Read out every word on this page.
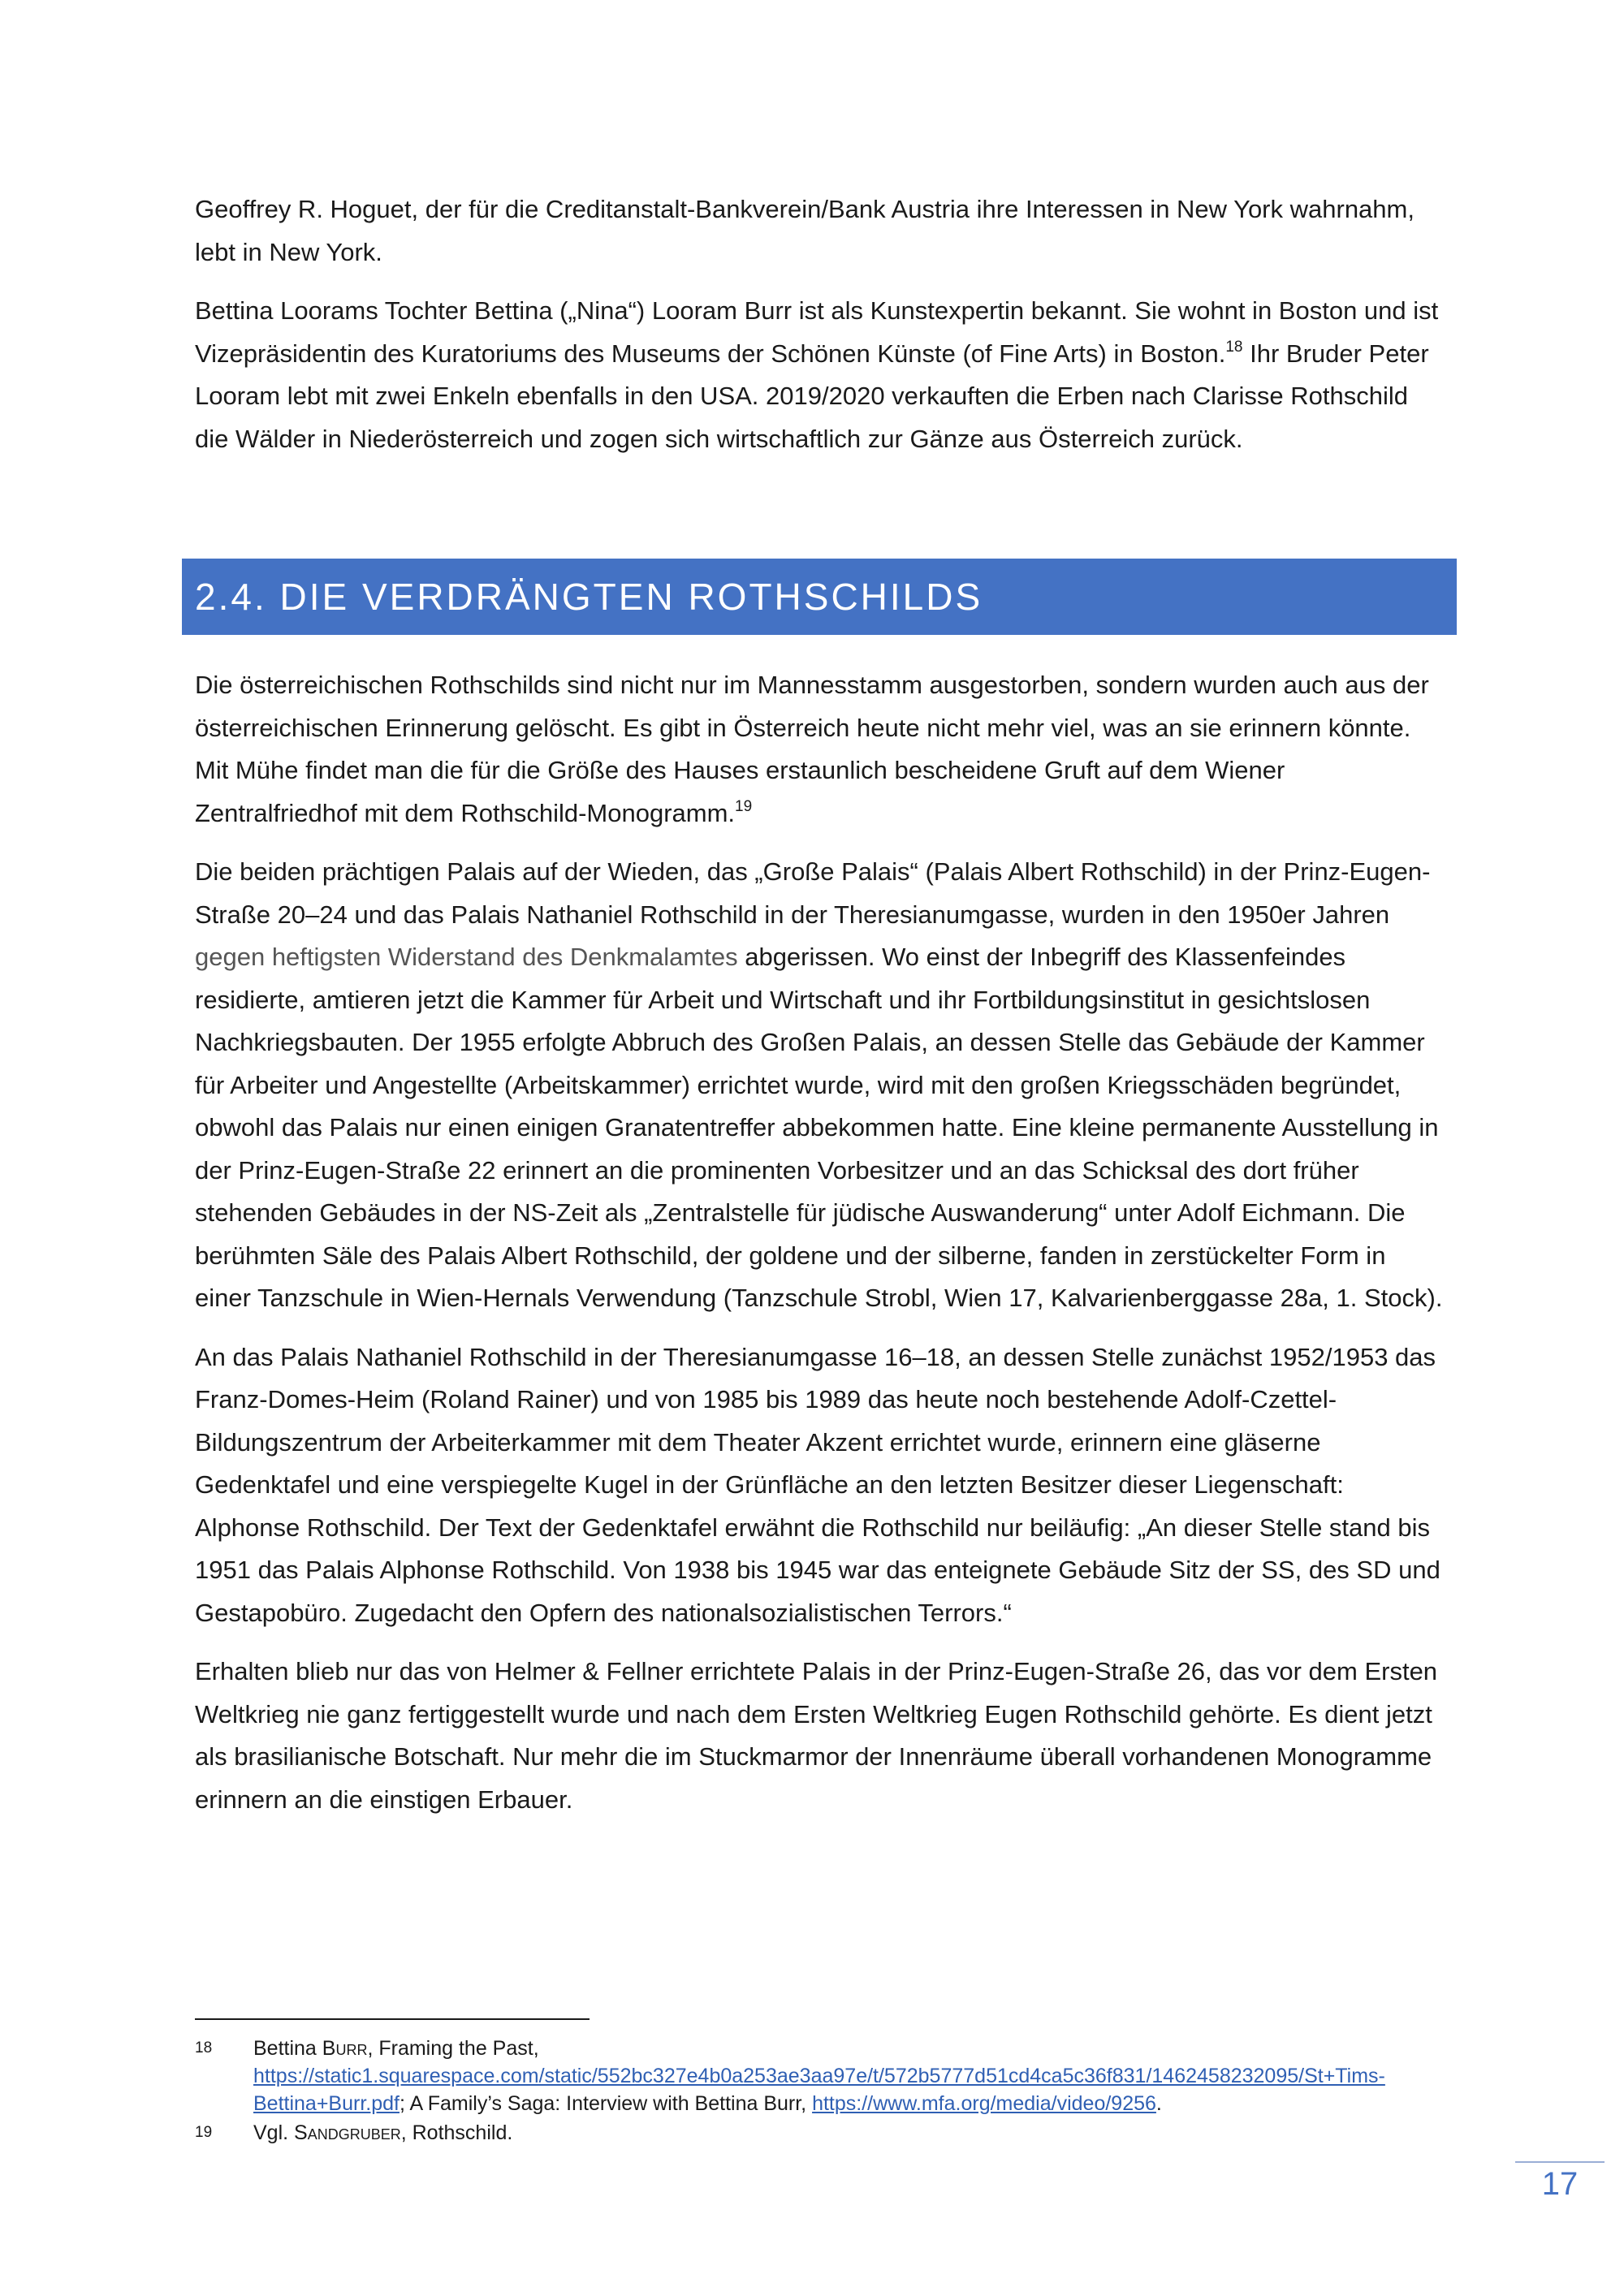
Geoffrey R. Hoguet, der für die Creditanstalt-Bankverein/Bank Austria ihre Interessen in New York wahrnahm, lebt in New York.

Bettina Loorams Tochter Bettina („Nina“) Looram Burr ist als Kunstexpertin bekannt. Sie wohnt in Boston und ist Vizepräsidentin des Kuratoriums des Museums der Schönen Künste (of Fine Arts) in Boston.$^{18}$ Ihr Bruder Peter Looram lebt mit zwei Enkeln ebenfalls in den USA. 2019/2020 verkauften die Erben nach Clarisse Rothschild die Wälder in Niederösterreich und zogen sich wirtschaftlich zur Gänze aus Österreich zurück.

2.4. DIE VERDRÄNGTEN ROTHSCHILDS

Die österreichischen Rothschilds sind nicht nur im Mannesstamm ausgestorben, sondern wurden auch aus der österreichischen Erinnerung gelöscht. Es gibt in Österreich heute nicht mehr viel, was an sie erinnern könnte. Mit Mühe findet man die für die Größe des Hauses erstaunlich bescheidene Gruft auf dem Wiener Zentralfriedhof mit dem Rothschild-Monogramm.$^{19}$

Die beiden prächtigen Palais auf der Wieden, das „Große Palais“ (Palais Albert Rothschild) in der Prinz-Eugen-Straße 20–24 und das Palais Nathaniel Rothschild in der Theresianumgasse, wurden in den 1950er Jahren gegen heftigsten Widerstand des Denkmalamtes abgerissen. Wo einst der Inbegriff des Klassenfeindes residierte, amtieren jetzt die Kammer für Arbeit und Wirtschaft und ihr Fortbildungsinstitut in gesichtslosen Nachkriegsbauten. Der 1955 erfolgte Abbruch des Großen Palais, an dessen Stelle das Gebäude der Kammer für Arbeiter und Angestellte (Arbeitskammer) errichtet wurde, wird mit den großen Kriegsschäden begründet, obwohl das Palais nur einen einigen Granatentreffer abbekommen hatte. Eine kleine permanente Ausstellung in der Prinz-Eugen-Straße 22 erinnert an die prominenten Vorbesitzer und an das Schicksal des dort früher stehenden Gebäudes in der NS-Zeit als „Zentralstelle für jüdische Auswanderung“ unter Adolf Eichmann. Die berühmten Säle des Palais Albert Rothschild, der goldene und der silberne, fanden in zerstückelter Form in einer Tanzschule in Wien-Hernals Verwendung (Tanzschule Strobl, Wien 17, Kalvarienberggasse 28a, 1. Stock).

An das Palais Nathaniel Rothschild in der Theresianumgasse 16–18, an dessen Stelle zunächst 1952/1953 das Franz-Domes-Heim (Roland Rainer) und von 1985 bis 1989 das heute noch bestehende Adolf-Czettel-Bildungszentrum der Arbeiterkammer mit dem Theater Akzent errichtet wurde, erinnern eine gläserne Gedenktafel und eine verspiegelte Kugel in der Grünfläche an den letzten Besitzer dieser Liegenschaft: Alphonse Rothschild. Der Text der Gedenktafel erwähnt die Rothschild nur beiläufig: „An dieser Stelle stand bis 1951 das Palais Alphonse Rothschild. Von 1938 bis 1945 war das enteignete Gebäude Sitz der SS, des SD und Gestapobüro. Zugedacht den Opfern des nationalsozialistischen Terrors.“

Erhalten blieb nur das von Helmer & Fellner errichtete Palais in der Prinz-Eugen-Straße 26, das vor dem Ersten Weltkrieg nie ganz fertiggestellt wurde und nach dem Ersten Weltkrieg Eugen Rothschild gehörte. Es dient jetzt als brasilianische Botschaft. Nur mehr die im Stuckmarmor der Innenräume überall vorhandenen Monogramme erinnern an die einstigen Erbauer.

18	Bettina Burr, Framing the Past,
https://static1.squarespace.com/static/552bc327e4b0a253ae3aa97e/t/572b5777d51cd4ca5c36f831/1462458232095/St+Tims-Bettina+Burr.pdf; A Family’s Saga: Interview with Bettina Burr, https://www.mfa.org/media/video/9256.
19	Vgl. Sandgruber, Rothschild.
17
